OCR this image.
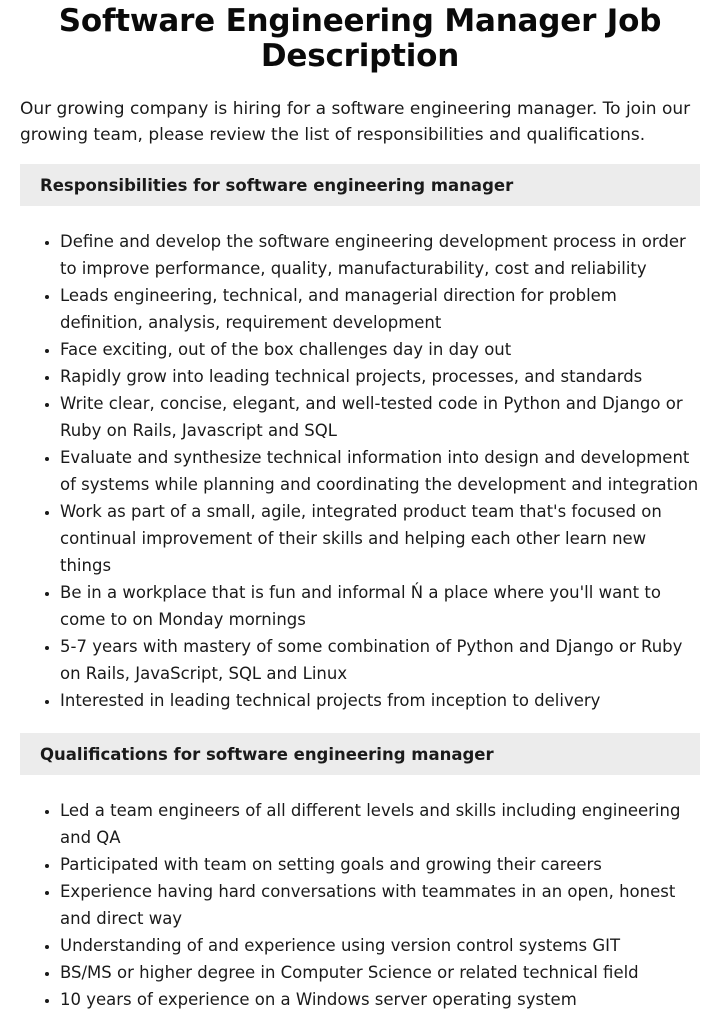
Software Engineering Manager Job Description

Our growing company is hiring for a software engineering manager. To join our growing team, please review the list of responsibilities and qualifications.

Responsibilities for software engineering manager
• Define and develop the software engineering development process in order to improve performance, quality, manufacturability, cost and reliability
• Leads engineering, technical, and managerial direction for problem definition, analysis, requirement development
• Face exciting, out of the box challenges day in day out
• Rapidly grow into leading technical projects, processes, and standards
• Write clear, concise, elegant, and well-tested code in Python and Django or Ruby on Rails, Javascript and SQL
• Evaluate and synthesize technical information into design and development of systems while planning and coordinating the development and integration
• Work as part of a small, agile, integrated product team that's focused on continual improvement of their skills and helping each other learn new things
• Be in a workplace that is fun and informal Ń a place where you'll want to come to on Monday mornings
• 5-7 years with mastery of some combination of Python and Django or Ruby on Rails, JavaScript, SQL and Linux
• Interested in leading technical projects from inception to delivery
Qualifications for software engineering manager
• Led a team engineers of all different levels and skills including engineering and QA
• Participated with team on setting goals and growing their careers
• Experience having hard conversations with teammates in an open, honest and direct way
• Understanding of and experience using version control systems GIT
• BS/MS or higher degree in Computer Science or related technical field
• 10 years of experience on a Windows server operating system
